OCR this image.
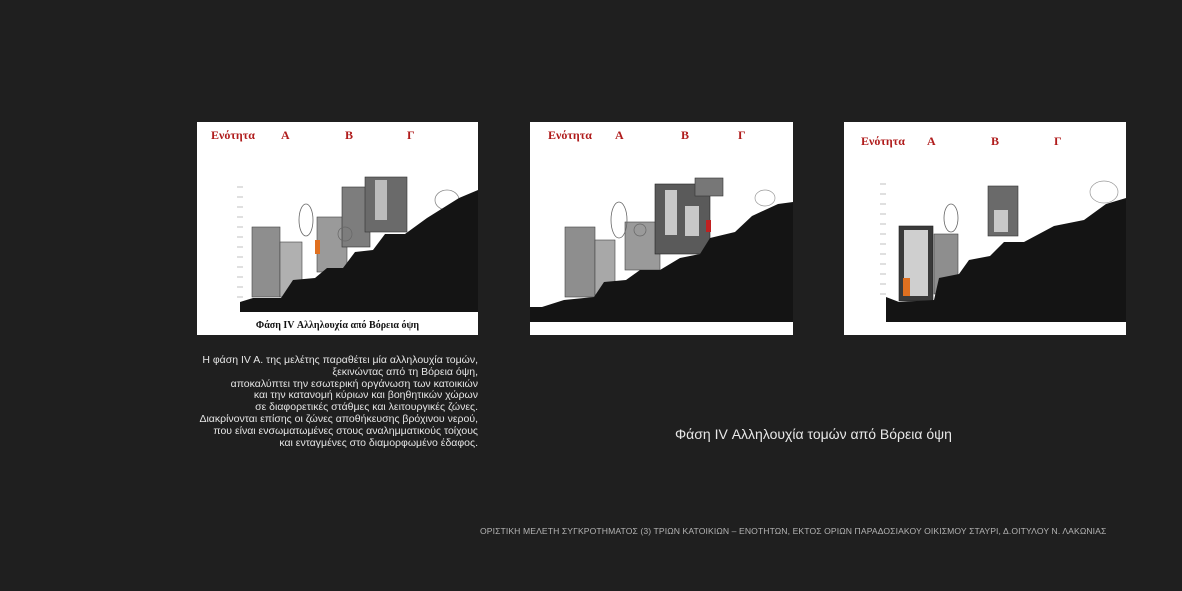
Ενότητα Α	Β	Γ
Φάση IV Αλληλουχία από Βόρεια όψη
Ενότητα Α	Β	Γ	Ενότητα Α	Β	Γ
Η φάση IV A. της μελέτης παραθέτει μία αλληλουχία τομών,
ξεκινώντας από τη Βόρεια όψη,
αποκαλύπτει την εσωτερική οργάνωση των κατοικιών
και την κατανομή κύριων και βοηθητικών χώρων
σε διαφορετικές στάθμες και λειτουργικές ζώνες.
Διακρίνονται επίσης οι ζώνες αποθήκευσης βρόχινου νερού,
που είναι ενσωματωμένες στους αναλημματικούς τοίχους
και ενταγμένες στο διαμορφωμένο έδαφος.
Φάση IV Αλληλουχία τομών από Βόρεια όψη
ΟΡΙΣΤΙΚΗ ΜΕΛΕΤΗ ΣΥΓΚΡΟΤΗΜΑΤΟΣ (3) ΤΡΙΩΝ ΚΑΤΟΙΚΙΩΝ – ΕΝΟΤΗΤΩΝ, ΕΚΤΟΣ ΟΡΙΩΝ ΠΑΡΑΔΟΣΙΑΚΟΥ ΟΙΚΙΣΜΟΥ ΣΤΑΥΡΙ, Δ.ΟΙΤΥΛΟΥ Ν. ΛΑΚΩΝΙΑΣ
